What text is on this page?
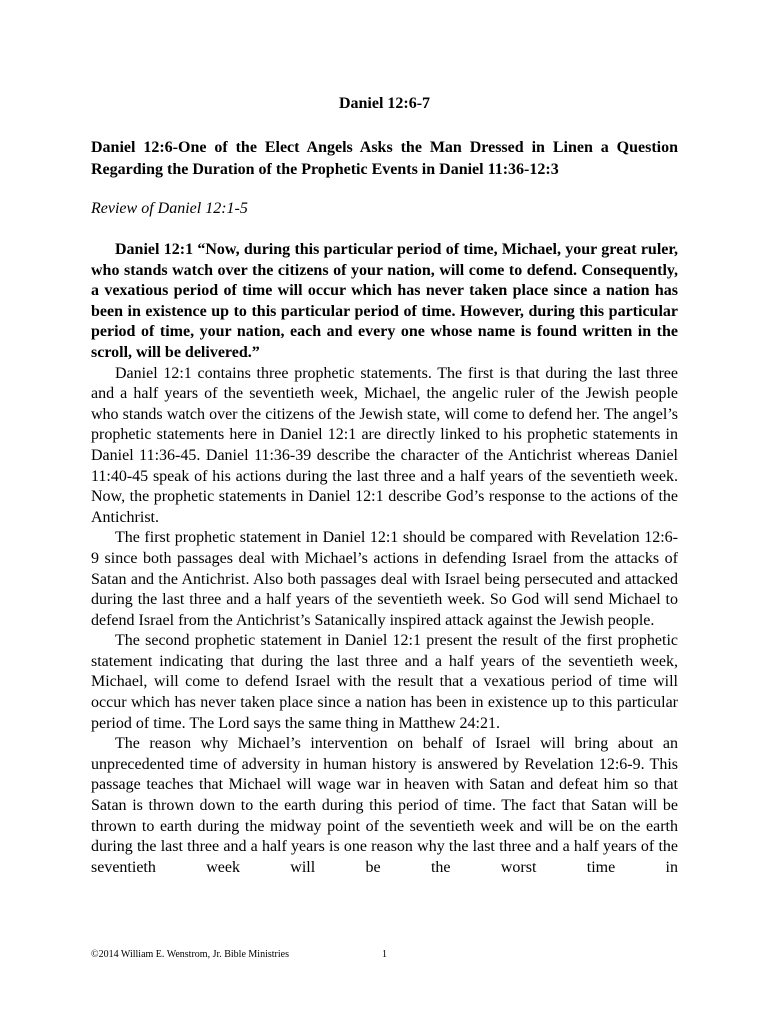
Daniel 12:6-7
Daniel 12:6-One of the Elect Angels Asks the Man Dressed in Linen a Question Regarding the Duration of the Prophetic Events in Daniel 11:36-12:3
Review of Daniel 12:1-5

Daniel 12:1 “Now, during this particular period of time, Michael, your great ruler, who stands watch over the citizens of your nation, will come to defend. Consequently, a vexatious period of time will occur which has never taken place since a nation has been in existence up to this particular period of time. However, during this particular period of time, your nation, each and every one whose name is found written in the scroll, will be delivered.”

Daniel 12:1 contains three prophetic statements. The first is that during the last three and a half years of the seventieth week, Michael, the angelic ruler of the Jewish people who stands watch over the citizens of the Jewish state, will come to defend her. The angel’s prophetic statements here in Daniel 12:1 are directly linked to his prophetic statements in Daniel 11:36-45. Daniel 11:36-39 describe the character of the Antichrist whereas Daniel 11:40-45 speak of his actions during the last three and a half years of the seventieth week. Now, the prophetic statements in Daniel 12:1 describe God’s response to the actions of the Antichrist.

The first prophetic statement in Daniel 12:1 should be compared with Revelation 12:6-9 since both passages deal with Michael’s actions in defending Israel from the attacks of Satan and the Antichrist. Also both passages deal with Israel being persecuted and attacked during the last three and a half years of the seventieth week. So God will send Michael to defend Israel from the Antichrist’s Satanically inspired attack against the Jewish people.

The second prophetic statement in Daniel 12:1 present the result of the first prophetic statement indicating that during the last three and a half years of the seventieth week, Michael, will come to defend Israel with the result that a vexatious period of time will occur which has never taken place since a nation has been in existence up to this particular period of time. The Lord says the same thing in Matthew 24:21.

The reason why Michael’s intervention on behalf of Israel will bring about an unprecedented time of adversity in human history is answered by Revelation 12:6-9. This passage teaches that Michael will wage war in heaven with Satan and defeat him so that Satan is thrown down to the earth during this period of time. The fact that Satan will be thrown to earth during the midway point of the seventieth week and will be on the earth during the last three and a half years is one reason why the last three and a half years of the seventieth week will be the worst time in

©2014 William E. Wenstrom, Jr. Bible Ministries	1
